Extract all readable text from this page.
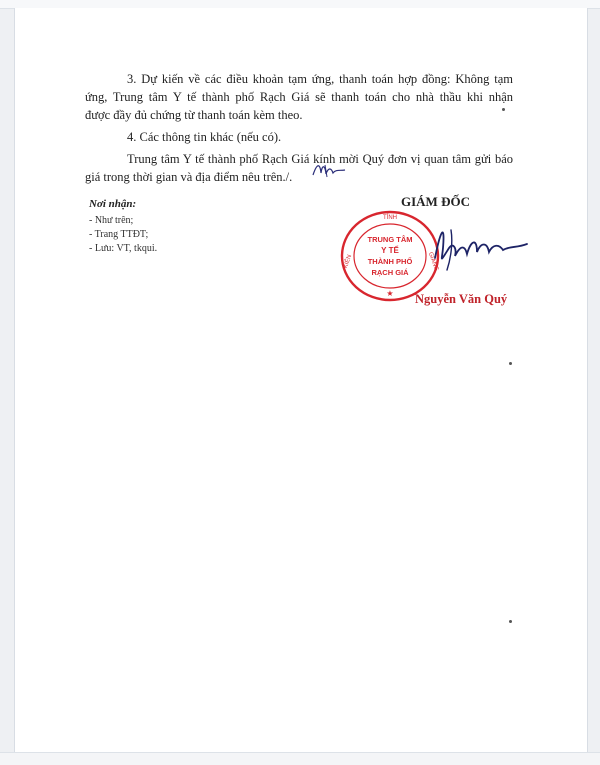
3. Dự kiến về các điều khoản tạm ứng, thanh toán hợp đồng: Không tạm
ứng, Trung tâm Y tế thành phố Rạch Giá sẽ thanh toán cho nhà thầu khi nhận
được đầy đủ chứng từ thanh toán kèm theo.
4. Các thông tin khác (nếu có).
Trung tâm Y tế thành phố Rạch Giá kính mời Quý đơn vị quan tâm gửi báo
giá trong thời gian và địa điểm nêu trên./.
Nơi nhận:
- Như trên;
- Trang TTĐT;
- Lưu: VT, tkqui.
GIÁM ĐỐC
TỈNH
KIÊN	GIANG
TRUNG TÂM
Y TẾ
THÀNH PHỐ
RẠCH GIÁ
★ Nguyễn Văn Quý
